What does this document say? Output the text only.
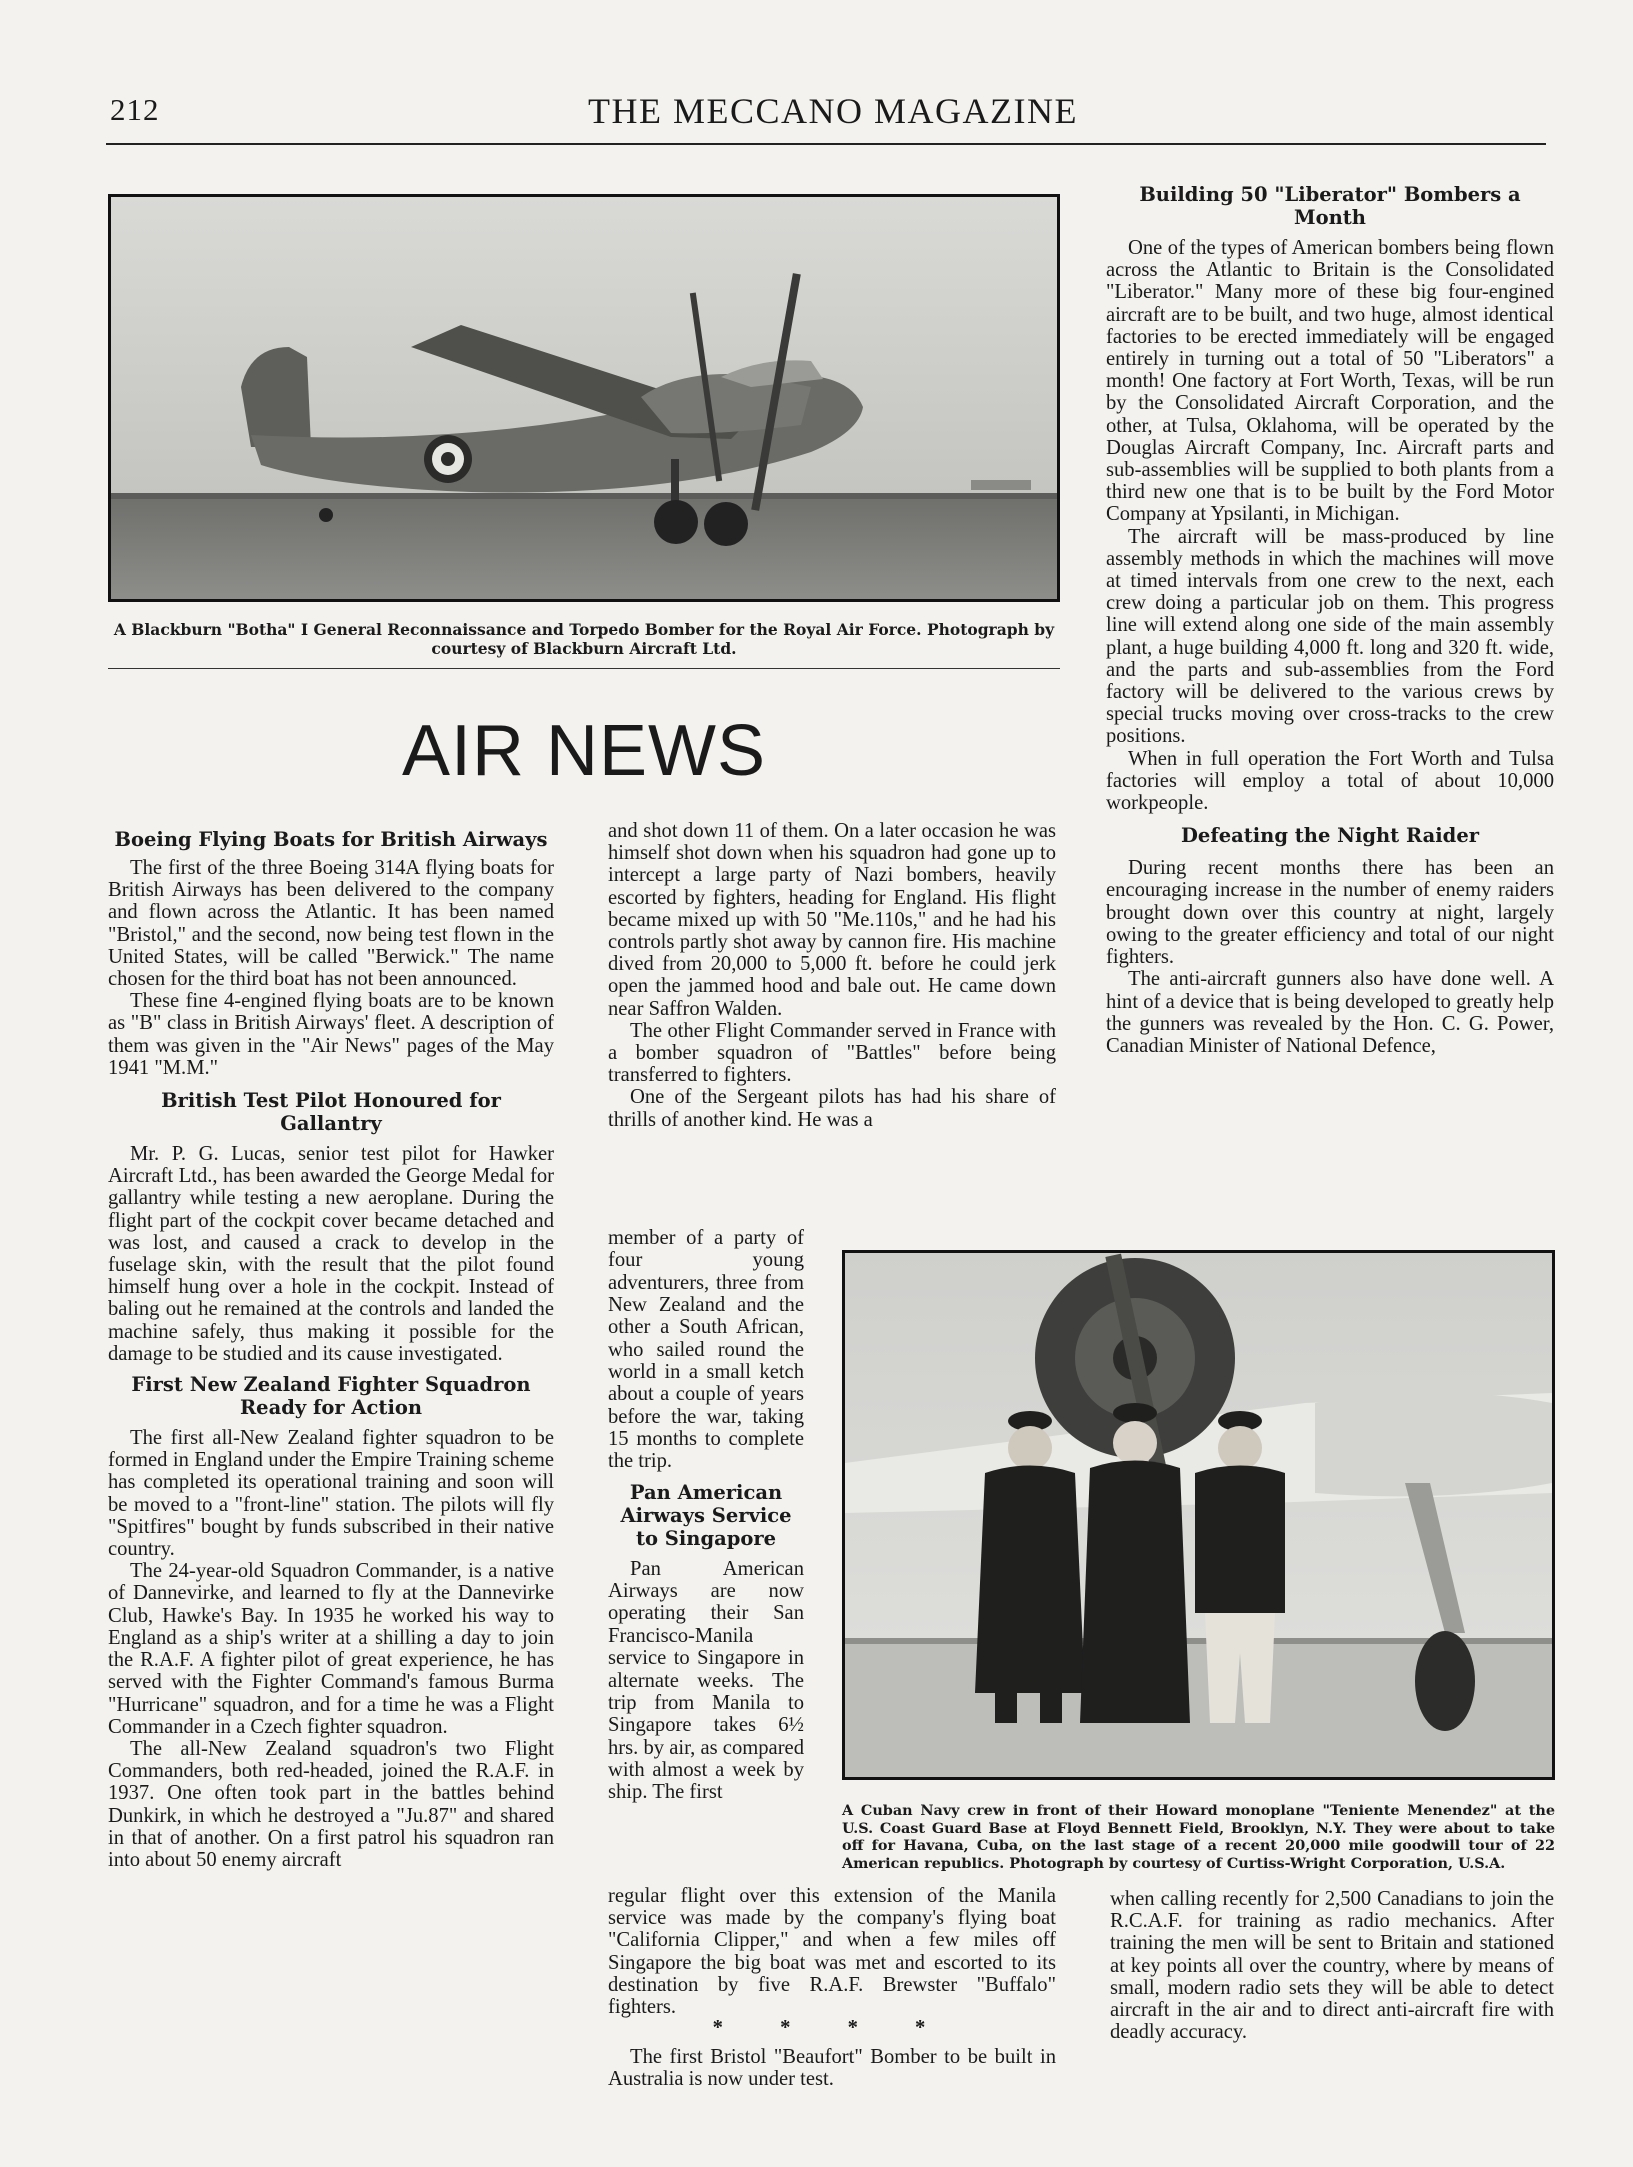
212	THE MECCANO MAGAZINE
A Blackburn "Botha" I General Reconnaissance and Torpedo Bomber for the Royal Air Force. Photograph by courtesy of Blackburn Aircraft Ltd.
AIR NEWS
Boeing Flying Boats for British Airways

The first of the three Boeing 314A flying boats for British Airways has been delivered to the company and flown across the Atlantic. It has been named "Bristol," and the second, now being test flown in the United States, will be called "Berwick." The name chosen for the third boat has not been announced.

These fine 4-engined flying boats are to be known as "B" class in British Airways' fleet. A description of them was given in the "Air News" pages of the May 1941 "M.M."

British Test Pilot Honoured for Gallantry

Mr. P. G. Lucas, senior test pilot for Hawker Aircraft Ltd., has been awarded the George Medal for gallantry while testing a new aeroplane. During the flight part of the cockpit cover became detached and was lost, and caused a crack to develop in the fuselage skin, with the result that the pilot found himself hung over a hole in the cockpit. Instead of baling out he remained at the controls and landed the machine safely, thus making it possible for the damage to be studied and its cause investigated.

First New Zealand Fighter Squadron Ready for Action

The first all-New Zealand fighter squadron to be formed in England under the Empire Training scheme has completed its operational training and soon will be moved to a "front-line" station. The pilots will fly "Spitfires" bought by funds subscribed in their native country.

The 24-year-old Squadron Commander, is a native of Dannevirke, and learned to fly at the Dannevirke Club, Hawke's Bay. In 1935 he worked his way to England as a ship's writer at a shilling a day to join the R.A.F. A fighter pilot of great experience, he has served with the Fighter Command's famous Burma "Hurricane" squadron, and for a time he was a Flight Commander in a Czech fighter squadron.

The all-New Zealand squadron's two Flight Commanders, both red-headed, joined the R.A.F. in 1937. One often took part in the battles behind Dunkirk, in which he destroyed a "Ju.87" and shared in that of another. On a first patrol his squadron ran into about 50 enemy aircraft

and shot down 11 of them. On a later occasion he was himself shot down when his squadron had gone up to intercept a large party of Nazi bombers, heavily escorted by fighters, heading for England. His flight became mixed up with 50 "Me.110s," and he had his controls partly shot away by cannon fire. His machine dived from 20,000 to 5,000 ft. before he could jerk open the jammed hood and bale out. He came down near Saffron Walden.

The other Flight Commander served in France with a bomber squadron of "Battles" before being transferred to fighters.

One of the Sergeant pilots has had his share of thrills of another kind. He was a

member of a party of four young adventurers, three from New Zealand and the other a South African, who sailed round the world in a small ketch about a couple of years before the war, taking 15 months to complete the trip.

Pan American Airways Service to Singapore

Pan American Airways are now operating their San Francisco-Manila service to Singapore in alternate weeks. The trip from Manila to Singapore takes 6½ hrs. by air, as compared with almost a week by ship. The first

regular flight over this extension of the Manila service was made by the company's flying boat "California Clipper," and when a few miles off Singapore the big boat was met and escorted to its destination by five R.A.F. Brewster "Buffalo" fighters.

* * * *

The first Bristol "Beaufort" Bomber to be built in Australia is now under test.

Building 50 "Liberator" Bombers a Month

One of the types of American bombers being flown across the Atlantic to Britain is the Consolidated "Liberator." Many more of these big four-engined aircraft are to be built, and two huge, almost identical factories to be erected immediately will be engaged entirely in turning out a total of 50 "Liberators" a month! One factory at Fort Worth, Texas, will be run by the Consolidated Aircraft Corporation, and the other, at Tulsa, Oklahoma, will be operated by the Douglas Aircraft Company, Inc. Aircraft parts and sub-assemblies will be supplied to both plants from a third new one that is to be built by the Ford Motor Company at Ypsilanti, in Michigan.

The aircraft will be mass-produced by line assembly methods in which the machines will move at timed intervals from one crew to the next, each crew doing a particular job on them. This progress line will extend along one side of the main assembly plant, a huge building 4,000 ft. long and 320 ft. wide, and the parts and sub-assemblies from the Ford factory will be delivered to the various crews by special trucks moving over cross-tracks to the crew positions.

When in full operation the Fort Worth and Tulsa factories will employ a total of about 10,000 workpeople.

Defeating the Night Raider

During recent months there has been an encouraging increase in the number of enemy raiders brought down over this country at night, largely owing to the greater efficiency and total of our night fighters.

The anti-aircraft gunners also have done well. A hint of a device that is being developed to greatly help the gunners was revealed by the Hon. C. G. Power, Canadian Minister of National Defence,

A Cuban Navy crew in front of their Howard monoplane "Teniente Menendez" at the U.S. Coast Guard Base at Floyd Bennett Field, Brooklyn, N.Y. They were about to take off for Havana, Cuba, on the last stage of a recent 20,000 mile goodwill tour of 22 American republics. Photograph by courtesy of Curtiss-Wright Corporation, U.S.A.

when calling recently for 2,500 Canadians to join the R.C.A.F. for training as radio mechanics. After training the men will be sent to Britain and stationed at key points all over the country, where by means of small, modern radio sets they will be able to detect aircraft in the air and to direct anti-aircraft fire with deadly accuracy.
